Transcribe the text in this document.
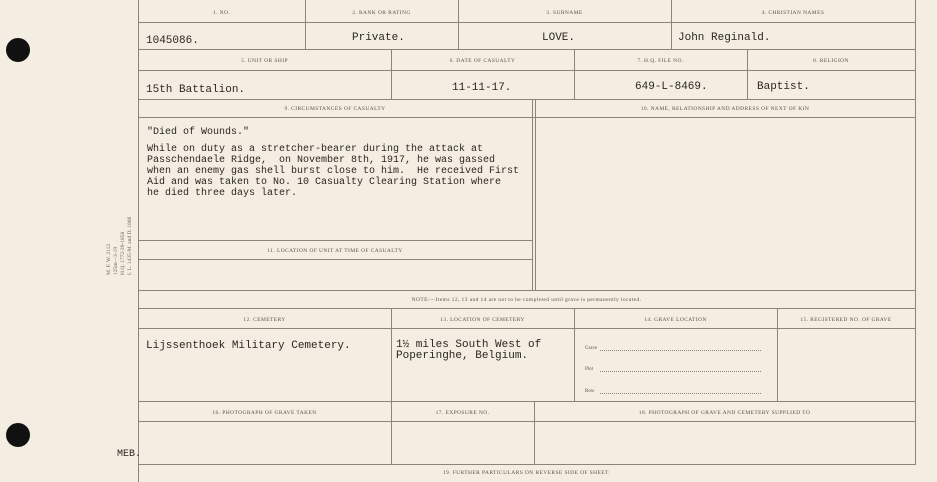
M. F. W. 2112 125m—3-19 H.Q. 1772-39-1858 I. L. 1435-M. and D. 1866
1. NO.	2. RANK OR RATING	3. SURNAME	4. CHRISTIAN NAMES
1045086.	Private.	LOVE.	John Reginald.
5. UNIT OR SHIP	6. DATE OF CASUALTY	7. H.Q. FILE NO.	8. RELIGION
15th Battalion.	11-11-17.	649-L-8469.	Baptist.
9. CIRCUMSTANCES OF CASUALTY	10. NAME, RELATIONSHIP AND ADDRESS OF NEXT OF KIN
"Died of Wounds."
While on duty as a stretcher-bearer during the attack at
Passchendaele Ridge,  on November 8th, 1917, he was gassed
when an enemy gas shell burst close to him.  He received First
Aid and was taken to No. 10 Casualty Clearing Station where
he died three days later.
11. LOCATION OF UNIT AT TIME OF CASUALTY
NOTE:—Items 12, 13 and 14 are not to be completed until grave is permanently located.
12. CEMETERY	13. LOCATION OF CEMETERY	14. GRAVE LOCATION	15. REGISTERED NO. OF GRAVE
Lijssenthoek Military Cemetery.	1½ miles South West of
Poperinghe, Belgium.
Grave
Plot
Row
16. PHOTOGRAPH OF GRAVE TAKEN	17. EXPOSURE NO.	18. PHOTOGRAPH OF GRAVE AND CEMETERY SUPPLIED TO
MEB.
19. FURTHER PARTICULARS ON REVERSE SIDE OF SHEET.
